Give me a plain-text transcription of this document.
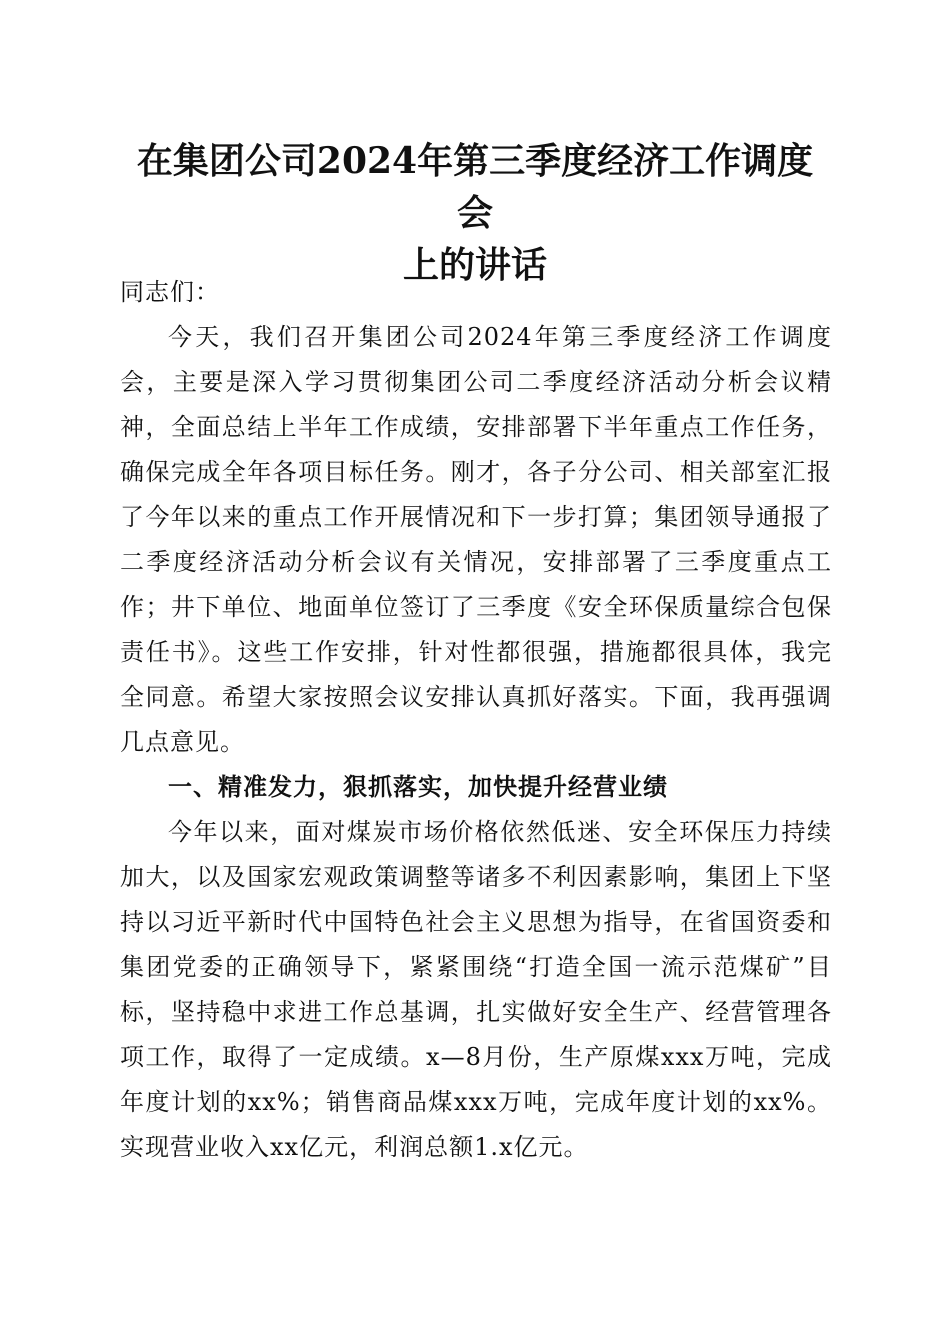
在集团公司2024年第三季度经济工作调度会
上的讲话

同志们：

今天，我们召开集团公司2024年第三季度经济工作调度会，主要是深入学习贯彻集团公司二季度经济活动分析会议精神，全面总结上半年工作成绩，安排部署下半年重点工作任务，确保完成全年各项目标任务。刚才，各子分公司、相关部室汇报了今年以来的重点工作开展情况和下一步打算；集团领导通报了二季度经济活动分析会议有关情况，安排部署了三季度重点工作；井下单位、地面单位签订了三季度《安全环保质量综合包保责任书》。这些工作安排，针对性都很强，措施都很具体，我完全同意。希望大家按照会议安排认真抓好落实。下面，我再强调几点意见。

一、精准发力，狠抓落实，加快提升经营业绩

今年以来，面对煤炭市场价格依然低迷、安全环保压力持续加大，以及国家宏观政策调整等诸多不利因素影响，集团上下坚持以习近平新时代中国特色社会主义思想为指导，在省国资委和集团党委的正确领导下，紧紧围绕“打造全国一流示范煤矿”目标，坚持稳中求进工作总基调，扎实做好安全生产、经营管理各项工作，取得了一定成绩。x—8月份，生产原煤xxx万吨，完成年度计划的xx%；销售商品煤xxx万吨，完成年度计划的xx%。实现营业收入xx亿元，利润总额1.x亿元。
